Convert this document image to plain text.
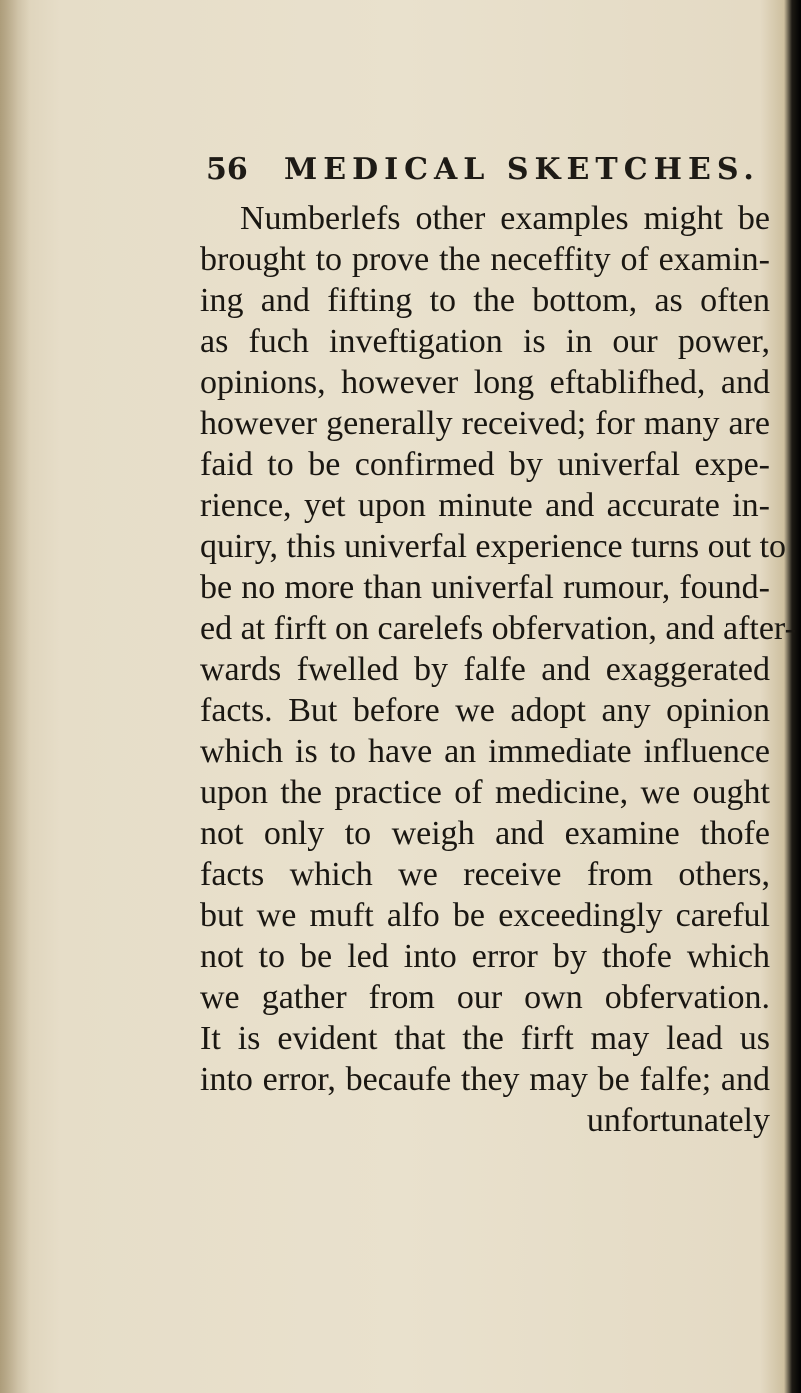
56 MEDICAL SKETCHES.
Numberlefs other examples might be
brought to prove the neceffity of examin-
ing and fifting to the bottom, as often
as fuch inveftigation is in our power,
opinions, however long eftablifhed, and
however generally received; for many are
faid to be confirmed by univerfal expe-
rience, yet upon minute and accurate in-
quiry, this univerfal experience turns out to
be no more than univerfal rumour, found-
ed at firft on carelefs obfervation, and after-
wards fwelled by falfe and exaggerated
facts. But before we adopt any opinion
which is to have an immediate influence
upon the practice of medicine, we ought
not only to weigh and examine thofe
facts which we receive from others,
but we muft alfo be exceedingly careful
not to be led into error by thofe which
we gather from our own obfervation.
It is evident that the firft may lead us
into error, becaufe they may be falfe; and
unfortunately
